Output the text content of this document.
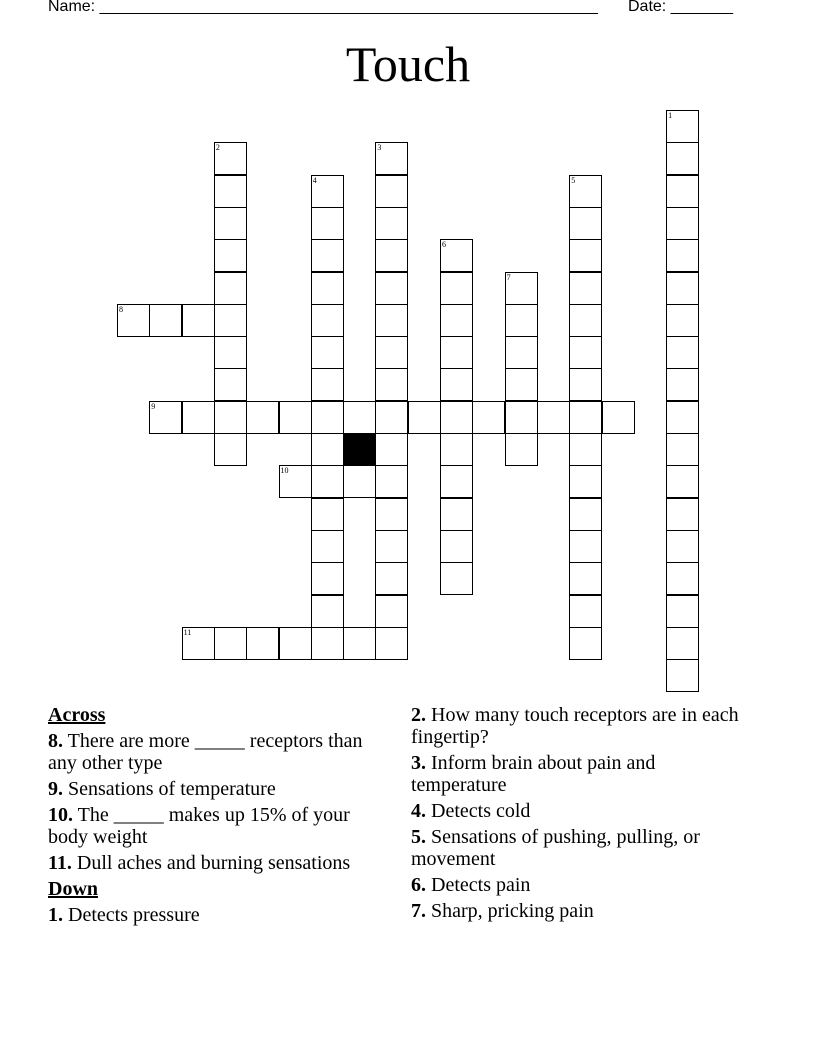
Name: ________________________________________________________ Date: _______
Touch
1
2	3
4	5
6
7
8
9
10
11
Across
8. There are more _____ receptors than any other type
9. Sensations of temperature
10. The _____ makes up 15% of your body weight
11. Dull aches and burning sensations
Down
1. Detects pressure
2. How many touch receptors are in each fingertip?
3. Inform brain about pain and temperature
4. Detects cold
5. Sensations of pushing, pulling, or movement
6. Detects pain
7. Sharp, pricking pain
